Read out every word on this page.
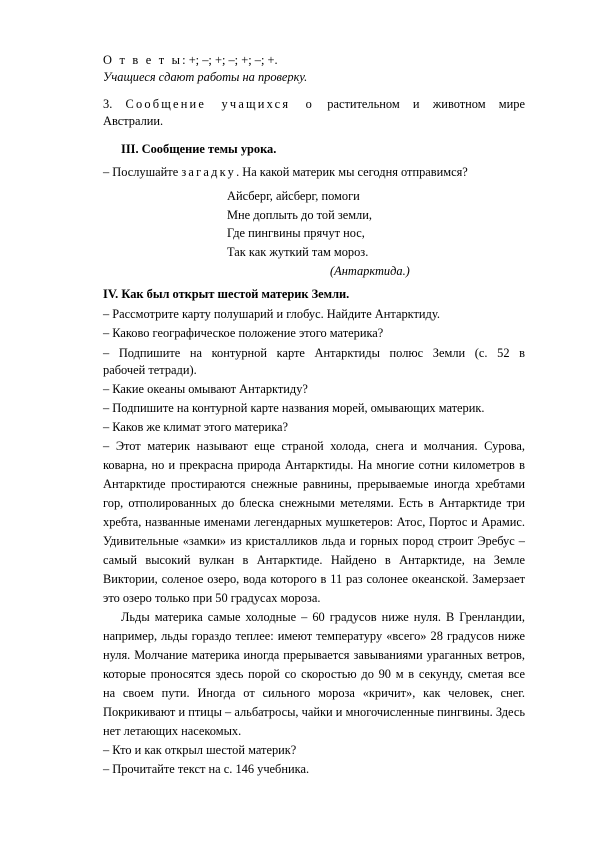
О т в е т ы: +; –; +; –; +; –; +.
Учащиеся сдают работы на проверку.
3. Сообщение учащихся о растительном и животном мире
Австралии.
III. Сообщение темы урока.
– Послушайте загадку. На какой материк мы сегодня отправимся?
Айсберг, айсберг, помоги
Мне доплыть до той земли,
Где пингвины прячут нос,
Так как жуткий там мороз.
(Антарктида.)
IV. Как был открыт шестой материк Земли.
– Рассмотрите карту полушарий и глобус. Найдите Антарктиду.
– Каково географическое положение этого материка?
– Подпишите на контурной карте Антарктиды полюс Земли (с. 52 в
рабочей тетради).
– Какие океаны омывают Антарктиду?
– Подпишите на контурной карте названия морей, омывающих материк.
– Каков же климат этого материка?
– Этот материк называют еще страной холода, снега и молчания. Сурова,
коварна, но и прекрасна природа Антарктиды. На многие сотни километров в
Антарктиде простираются снежные равнины, прерываемые иногда хребтами
гор, отполированных до блеска снежными метелями. Есть в Антарктиде три
хребта, названные именами легендарных мушкетеров: Атос, Портос и Арамис.
Удивительные «замки» из кристалликов льда и горных пород строит Эребус –
самый высокий вулкан в Антарктиде. Найдено в Антарктиде, на Земле
Виктории, соленое озеро, вода которого в 11 раз солонее океанской. Замерзает
это озеро только при 50 градусах мороза.
Льды материка самые холодные – 60 градусов ниже нуля. В Гренландии,
например, льды гораздо теплее: имеют температуру «всего» 28 градусов ниже
нуля. Молчание материка иногда прерывается завываниями ураганных ветров,
которые проносятся здесь порой со скоростью до 90 м в секунду, сметая все
на своем пути. Иногда от сильного мороза «кричит», как человек, снег.
Покрикивают и птицы – альбатросы, чайки и многочисленные пингвины. Здесь
нет летающих насекомых.
– Кто и как открыл шестой материк?
– Прочитайте текст на с. 146 учебника.
